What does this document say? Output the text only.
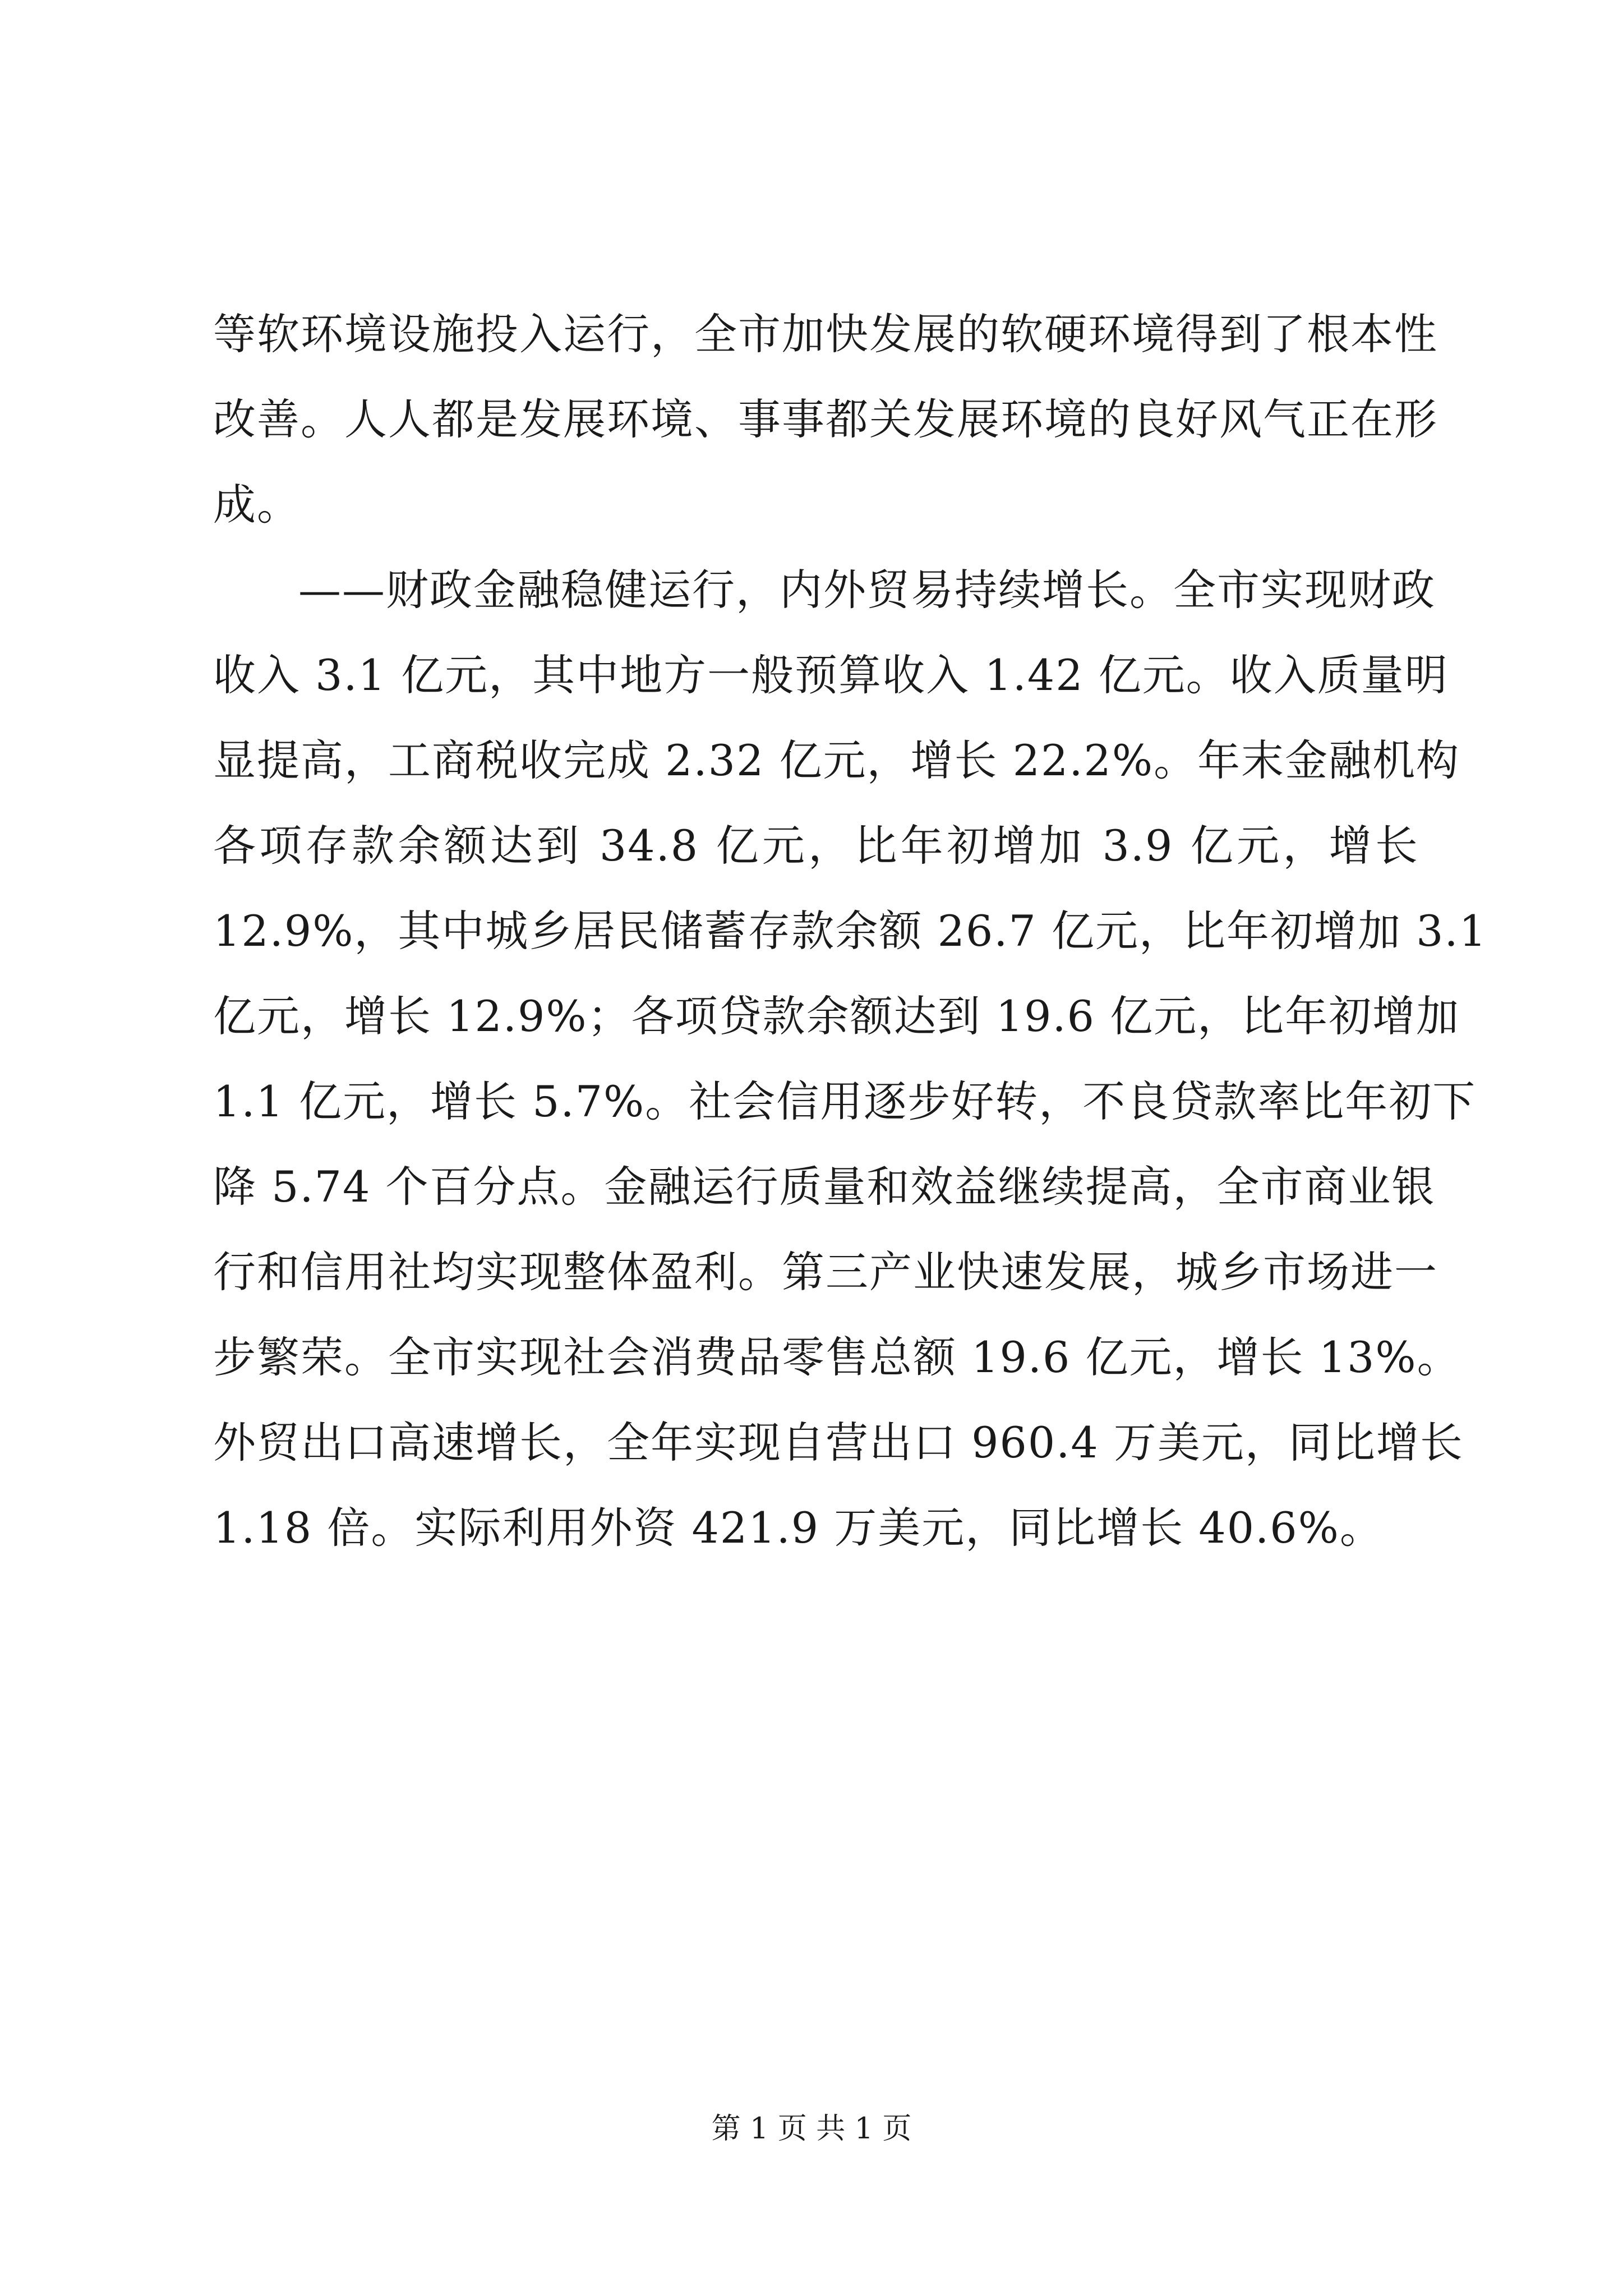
等软环境设施投入运行，全市加快发展的软硬环境得到了根本性
改善。人人都是发展环境、事事都关发展环境的良好风气正在形
成。
——财政金融稳健运行，内外贸易持续增长。全市实现财政
收入 3.1 亿元，其中地方一般预算收入 1.42 亿元。收入质量明
显提高，工商税收完成 2.32 亿元，增长 22.2%。年末金融机构
各项存款余额达到 34.8 亿元，比年初增加 3.9 亿元，增长
12.9%，其中城乡居民储蓄存款余额 26.7 亿元，比年初增加 3.1
亿元，增长 12.9%；各项贷款余额达到 19.6 亿元，比年初增加
1.1 亿元，增长 5.7%。社会信用逐步好转，不良贷款率比年初下
降 5.74 个百分点。金融运行质量和效益继续提高，全市商业银
行和信用社均实现整体盈利。第三产业快速发展，城乡市场进一
步繁荣。全市实现社会消费品零售总额 19.6 亿元，增长 13%。
外贸出口高速增长，全年实现自营出口 960.4 万美元，同比增长
1.18 倍。实际利用外资 421.9 万美元，同比增长 40.6%。
第 1 页 共 1 页
